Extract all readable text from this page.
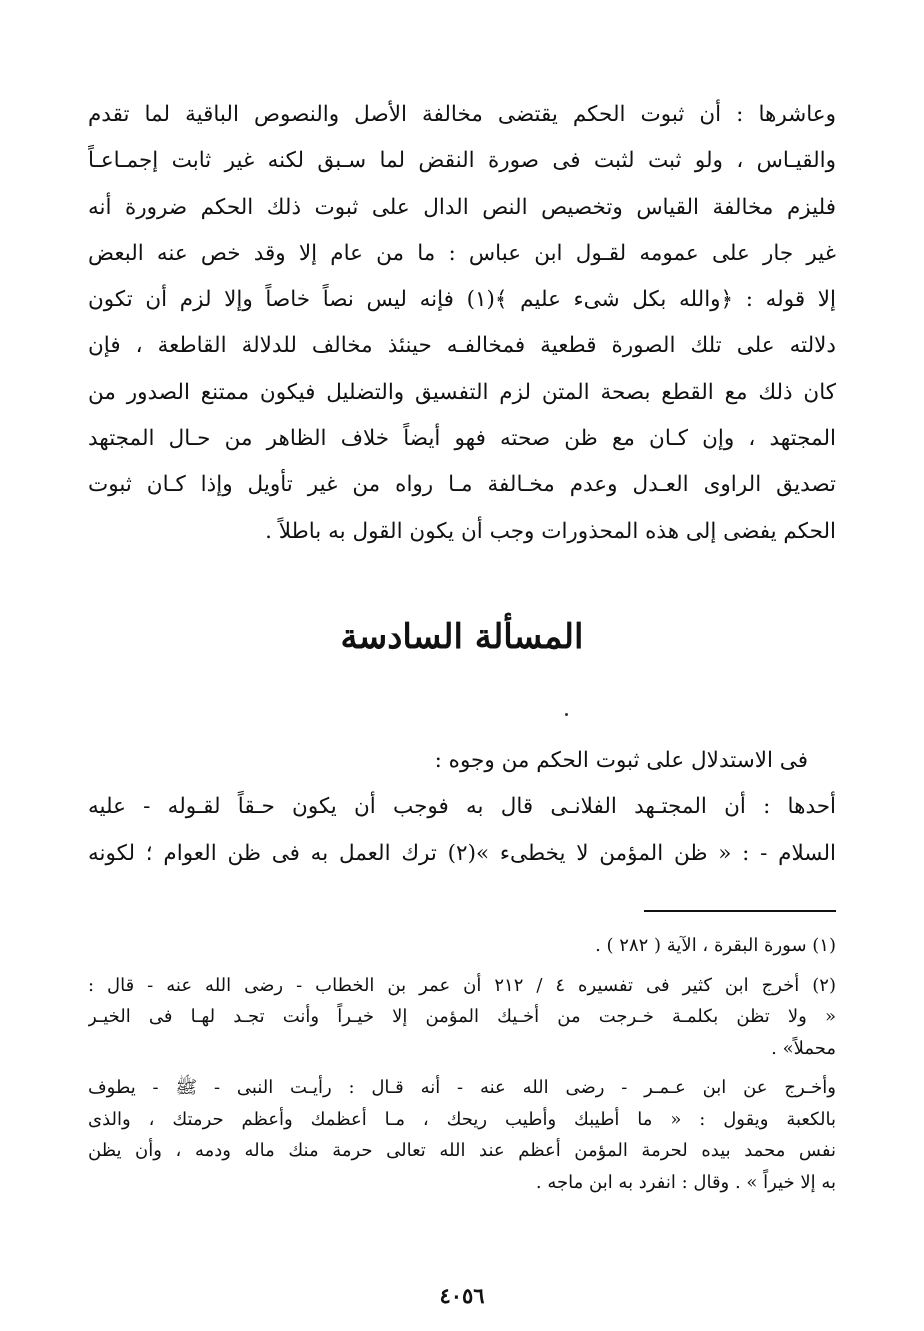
وعاشرها : أن ثبوت الحكم يقتضى مخالفة الأصل والنصوص الباقية لما تقدم
والقيـاس ، ولو ثبت لثبت فى صورة النقض لما سـبق لكنه غير ثابت إجمـاعـاً
فليزم مخالفة القياس وتخصيص النص الدال على ثبوت ذلك الحكم ضرورة أنه
غير جار على عمومه لقـول ابن عباس : ما من عام إلا وقد خص عنه البعض
إلا قوله : ﴿والله بكل شىء عليم ﴾(١) فإنه ليس نصاً خاصاً وإلا لزم أن تكون
دلالته على تلك الصورة قطعية فمخالفـه حينئذ مخالف للدلالة القاطعة ، فإن
كان ذلك مع القطع بصحة المتن لزم التفسيق والتضليل فيكون ممتنع الصدور من
المجتهد ، وإن كـان مع ظن صحته فهو أيضاً خلاف الظاهر من حـال المجتهد
تصديق الراوى العـدل وعدم مخـالفة مـا رواه من غير تأويل وإذا كـان ثبوت
الحكم يفضى إلى هذه المحذورات وجب أن يكون القول به باطلاً .
المسألة السادسة
فى الاستدلال على ثبوت الحكم من وجوه :
أحدها : أن المجتـهد الفلانـى قال به فوجب أن يكون حـقاً لقـوله - عليه
السلام - : « ظن المؤمن لا يخطىء »(٢) ترك العمل به فى ظن العوام ؛ لكونه
(١) سورة البقرة ، الآية ( ٢٨٢ ) .
(٢) أخرج ابن كثير فى تفسيره ٤ / ٢١٢ أن عمر بن الخطاب - رضى الله عنه - قال :
« ولا تظن بكلمـة خـرجت من أخـيك المؤمن إلا خيـراً وأنت تجـد لهـا فى الخيـر
محملاً» .
وأخـرج عن ابن عـمـر - رضى الله عنه - أنه قـال : رأيـت النبى - ﷺ - يطوف
بالكعبة ويقول : « ما أطيبك وأطيب ريحك ، مـا أعظمك وأعظم حرمتك ، والذى
نفس محمد بيده لحرمة المؤمن أعظم عند الله تعالى حرمة منك ماله ودمه ، وأن يظن
به إلا خيراً » . وقال : انفرد به ابن ماجه .
٤٠٥٦
